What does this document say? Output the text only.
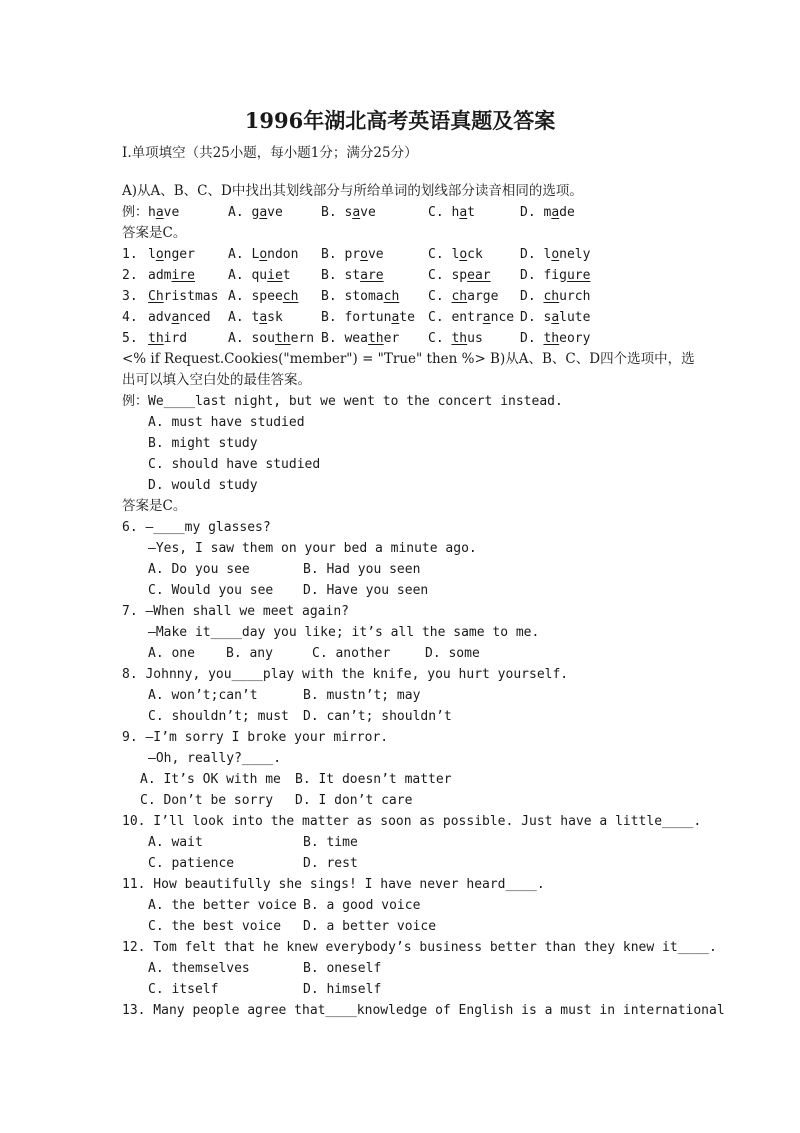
1996年湖北高考英语真题及答案
Ⅰ.单项填空（共25小题，每小题1分；满分25分）
A)从A、B、C、D中找出其划线部分与所给单词的划线部分读音相同的选项。
例：have	A. gave	B. save	C. hat	D. made
答案是C。
1. longer	A. London B. prove	C. lock	D. lonely
2. admire	A. quiet B. stare	C. spear D. figure
3. Christmas A. speech B. stomach C. charge D. church
4. advanced A. task	B. fortunate C. entrance D. salute
5. third	A. southern B. weather C. thus	D. theory
<% if Request.Cookies("member") = "True" then %> B)从A、B、C、D四个选项中，选
出可以填入空白处的最佳答案。
例：We____last night, but we went to the concert instead.
A. must have studied
B. might study
C. should have studied
D. would study
答案是C。
6. —____my glasses?
—Yes, I saw them on your bed a minute ago.
A. Do you see	B. Had you seen
C. Would you see D. Have you seen
7. —When shall we meet again?
—Make it____day you like; it’s all the same to me.
A. one B. any	C. another	D. some
8. Johnny, you____play with the knife, you hurt yourself.
A. won’t;can’t	B. mustn’t; may
C. shouldn’t; must D. can’t; shouldn’t
9. —I’m sorry I broke your mirror.
—Oh, really?____.
A. It’s OK with me B. It doesn’t matter
C. Don’t be sorry D. I don’t care
10. I’ll look into the matter as soon as possible. Just have a little____.
A. wait	B. time
C. patience	D. rest
11. How beautifully she sings! I have never heard____.
A. the better voice B. a good voice
C. the best voice D. a better voice
12. Tom felt that he knew everybody’s business better than they knew it____.
A. themselves	B. oneself
C. itself	D. himself
13. Many people agree that____knowledge of English is a must in international
